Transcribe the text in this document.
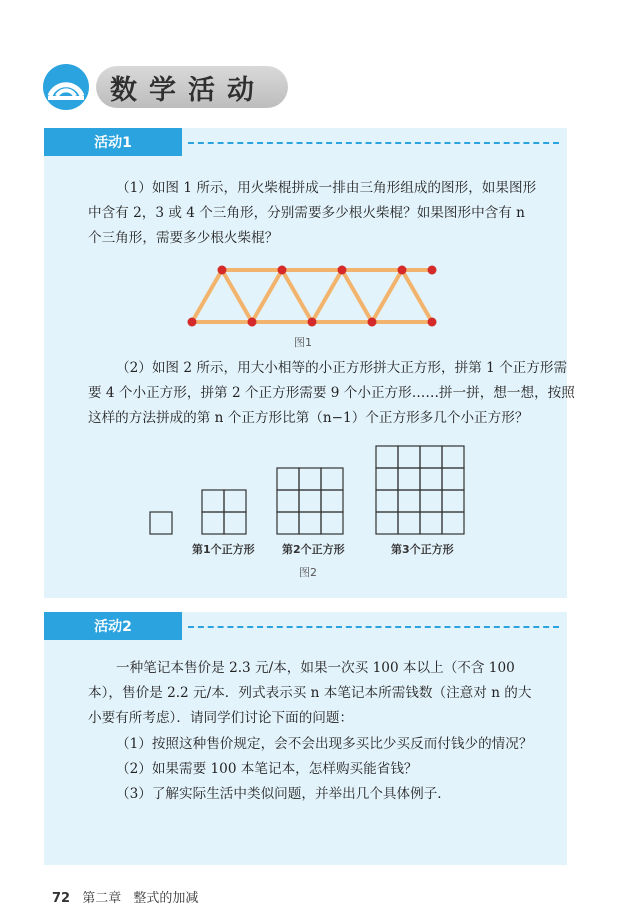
数学活动
活动1

（1）如图 1 所示，用火柴棍拼成一排由三角形组成的图形，如果图形
中含有 2，3 或 4 个三角形，分别需要多少根火柴棍？如果图形中含有 n
个三角形，需要多少根火柴棍？

图1

（2）如图 2 所示，用大小相等的小正方形拼大正方形，拼第 1 个正方形需
要 4 个小正方形，拼第 2 个正方形需要 9 个小正方形……拼一拼，想一想，按照
这样的方法拼成的第 n 个正方形比第（n−1）个正方形多几个小正方形？

第1个正方形 第2个正方形	第3个正方形
图2
活动2

一种笔记本售价是 2.3 元/本，如果一次买 100 本以上（不含 100
本），售价是 2.2 元/本．列式表示买 n 本笔记本所需钱数（注意对 n 的大
小要有所考虑）．请同学们讨论下面的问题：

（1）按照这种售价规定，会不会出现多买比少买反而付钱少的情况？
（2）如果需要 100 本笔记本，怎样购买能省钱？
（3）了解实际生活中类似问题，并举出几个具体例子．

72 第二章 整式的加减
